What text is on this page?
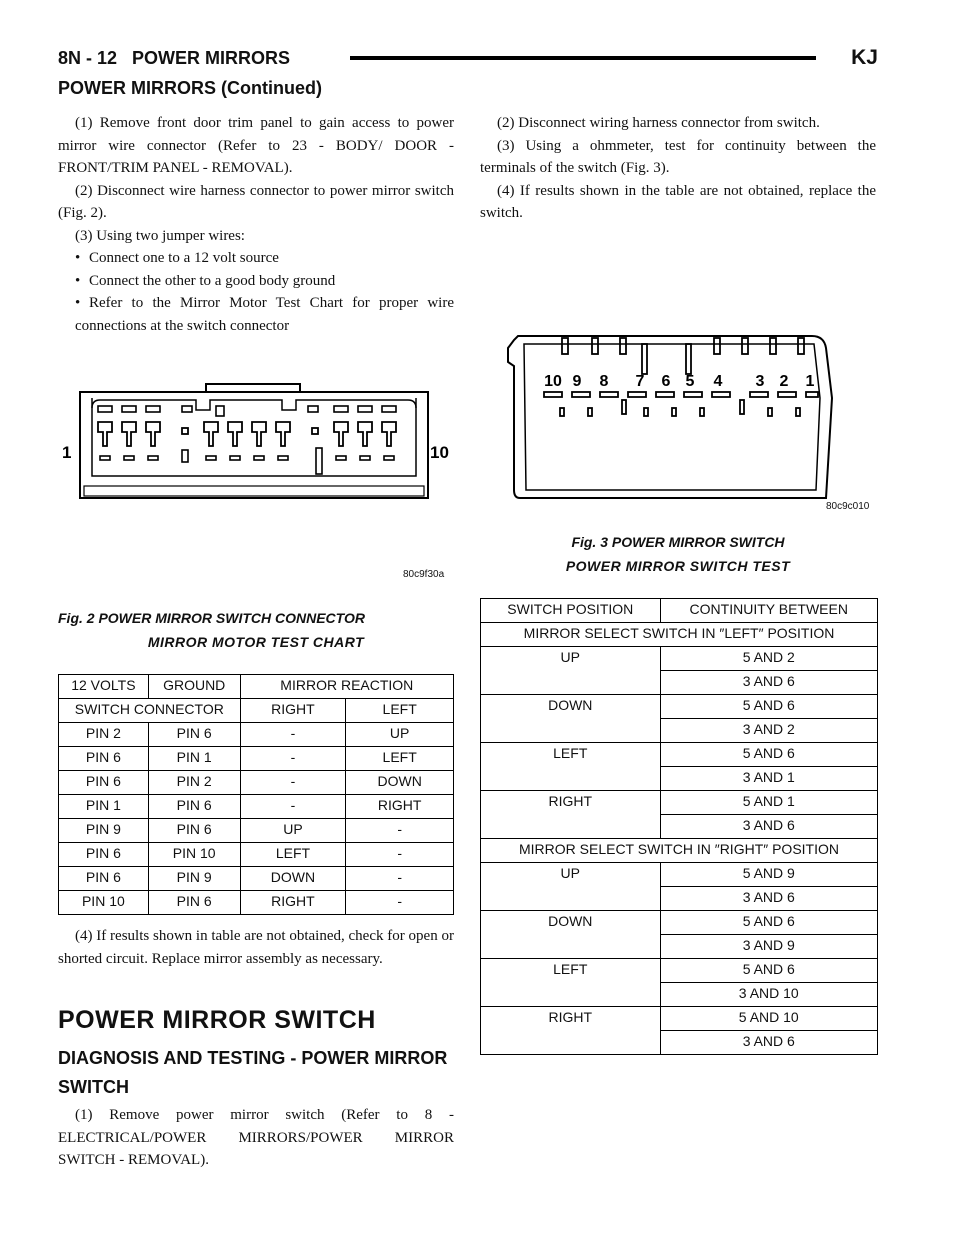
8N - 12 POWER MIRRORS	KJ
POWER MIRRORS (Continued)

(1) Remove front door trim panel to gain access to power mirror wire connector (Refer to 23 - BODY/ DOOR - FRONT/TRIM PANEL - REMOVAL).

(2) Disconnect wire harness connector to power mirror switch (Fig. 2).

(3) Using two jumper wires:

• Connect one to a 12 volt source

• Connect the other to a good body ground

• Refer to the Mirror Motor Test Chart for proper wire connections at the switch connector

(2) Disconnect wiring harness connector from switch.

(3) Using a ohmmeter, test for continuity between the terminals of the switch (Fig. 3).

(4) If results shown in the table are not obtained, replace the switch.

1	10
80c9f30a
Fig. 2 POWER MIRROR SWITCH CONNECTOR
MIRROR MOTOR TEST CHART
12 VOLTS	GROUND	MIRROR REACTION	
SWITCH CONNECTOR		RIGHT	LEFT
PIN 2	PIN 6	-	UP
PIN 6	PIN 1	-	LEFT
PIN 6	PIN 2	-	DOWN
PIN 1	PIN 6	-	RIGHT
PIN 9	PIN 6	UP	-
PIN 6	PIN 10	LEFT	-
PIN 6	PIN 9	DOWN	-
PIN 10	PIN 6	RIGHT	-

(4) If results shown in table are not obtained, check for open or shorted circuit. Replace mirror assembly as necessary.

POWER MIRROR SWITCH
DIAGNOSIS AND TESTING - POWER MIRROR SWITCH

(1) Remove power mirror switch (Refer to 8 - ELECTRICAL/POWER MIRRORS/POWER MIRROR SWITCH - REMOVAL).

10 9 8 7 6 5 4 3 2 1
80c9c010
Fig. 3 POWER MIRROR SWITCH
POWER MIRROR SWITCH TEST
SWITCH POSITION	CONTINUITY BETWEEN
MIRROR SELECT SWITCH IN ″LEFT″ POSITION	
UP	5 AND 2
	3 AND 6
DOWN	5 AND 6
	3 AND 2
LEFT	5 AND 6
	3 AND 1
RIGHT	5 AND 1
	3 AND 6
MIRROR SELECT SWITCH IN ″RIGHT″ POSITION	
UP	5 AND 9
	3 AND 6
DOWN	5 AND 6
	3 AND 9
LEFT	5 AND 6
	3 AND 10
RIGHT	5 AND 10
	3 AND 6
